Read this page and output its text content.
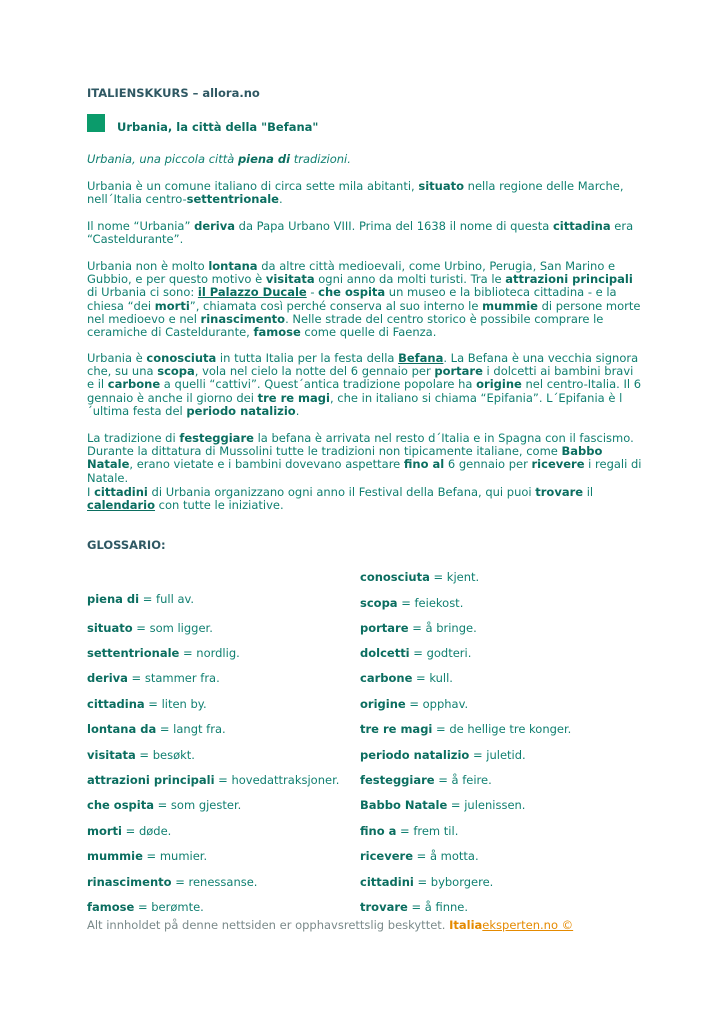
ITALIENSKKURS – allora.no
Urbania, la città della "Befana"
Urbania, una piccola città piena di tradizioni.
Urbania è un comune italiano di circa sette mila abitanti, situato nella regione delle Marche, nell´Italia centro-settentrionale.
Il nome “Urbania” deriva da Papa Urbano VIII. Prima del 1638 il nome di questa cittadina era “Casteldurante”.
Urbania non è molto lontana da altre città medioevali, come Urbino, Perugia, San Marino e Gubbio, e per questo motivo è visitata ogni anno da molti turisti. Tra le attrazioni principali di Urbania ci sono: il Palazzo Ducale - che ospita un museo e la biblioteca cittadina - e la chiesa “dei morti”, chiamata così perché conserva al suo interno le mummie di persone morte nel medioevo e nel rinascimento. Nelle strade del centro storico è possibile comprare le ceramiche di Casteldurante, famose come quelle di Faenza.
Urbania è conosciuta in tutta Italia per la festa della Befana. La Befana è una vecchia signora che, su una scopa, vola nel cielo la notte del 6 gennaio per portare i dolcetti ai bambini bravi e il carbone a quelli “cattivi”. Quest´antica tradizione popolare ha origine nel centro-Italia. Il 6 gennaio è anche il giorno dei tre re magi, che in italiano si chiama “Epifania”. L´Epifania è l´ultima festa del periodo natalizio.
La tradizione di festeggiare la befana è arrivata nel resto d´Italia e in Spagna con il fascismo. Durante la dittatura di Mussolini tutte le tradizioni non tipicamente italiane, come Babbo Natale, erano vietate e i bambini dovevano aspettare fino al 6 gennaio per ricevere i regali di Natale.
I cittadini di Urbania organizzano ogni anno il Festival della Befana, qui puoi trovare il calendario con tutte le iniziative.
GLOSSARIO:
piena di = full av.
situato = som ligger.
settentrionale = nordlig.
deriva = stammer fra.
cittadina = liten by.
lontana da = langt fra.
visitata = besøkt.
attrazioni principali = hovedattraksjoner.
che ospita = som gjester.
morti = døde.
mummie = mumier.
rinascimento = renessanse.
famose = berømte.
conosciuta = kjent.
scopa = feiekost.
portare = å bringe.
dolcetti = godteri.
carbone = kull.
origine = opphav.
tre re magi = de hellige tre konger.
periodo natalizio = juletid.
festeggiare = å feire.
Babbo Natale = julenissen.
fino a = frem til.
ricevere = å motta.
cittadini = byborgere.
trovare = å finne.
Alt innholdet på denne nettsiden er opphavsrettslig beskyttet. Italiaeksperten.no ©
